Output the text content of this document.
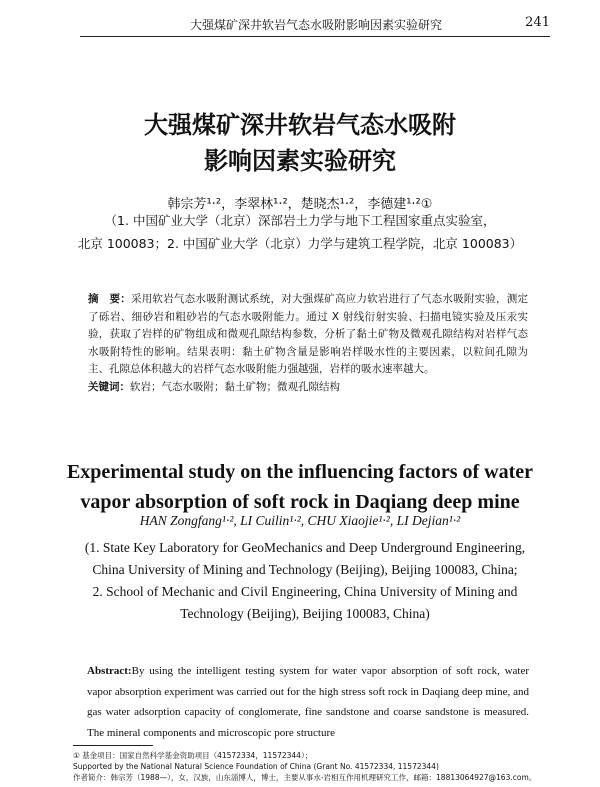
大强煤矿深井软岩气态水吸附影响因素实验研究	241
大强煤矿深井软岩气态水吸附
影响因素实验研究
韩宗芳¹·²，李翠林¹·²，楚晓杰¹·²，李德建¹·²①
（1. 中国矿业大学（北京）深部岩土力学与地下工程国家重点实验室，
北京 100083；2. 中国矿业大学（北京）力学与建筑工程学院，北京 100083）
摘　要：采用软岩气态水吸附测试系统，对大强煤矿高应力软岩进行了气态水吸附实验，测定了砾岩、细砂岩和粗砂岩的气态水吸附能力。通过 X 射线衍射实验、扫描电镜实验及压汞实验，获取了岩样的矿物组成和微观孔隙结构参数，分析了黏土矿物及微观孔隙结构对岩样气态水吸附特性的影响。结果表明：黏土矿物含量是影响岩样吸水性的主要因素，以粒间孔隙为主、孔隙总体积越大的岩样气态水吸附能力强越强，岩样的吸水速率越大。
关键词：软岩；气态水吸附；黏土矿物；微观孔隙结构
Experimental study on the influencing factors of water
vapor absorption of soft rock in Daqiang deep mine
HAN Zongfang¹·², LI Cuilin¹·², CHU Xiaojie¹·², LI Dejian¹·²
(1. State Key Laboratory for GeoMechanics and Deep Underground Engineering,
China University of Mining and Technology (Beijing), Beijing 100083, China;
2. School of Mechanic and Civil Engineering, China University of Mining and
Technology (Beijing), Beijing 100083, China)
Abstract:By using the intelligent testing system for water vapor absorption of soft rock, water vapor absorption experiment was carried out for the high stress soft rock in Daqiang deep mine, and gas water adsorption capacity of conglomerate, fine sandstone and coarse sandstone is measured. The mineral components and microscopic pore structure
① 基金项目：国家自然科学基金资助项目（41572334，11572344）；
Supported by the National Natural Science Foundation of China (Grant No. 41572334, 11572344)
作者简介：韩宗芳（1988—），女，汉族，山东淄博人，博士，主要从事水-岩相互作用机理研究工作，邮箱：18813064927@163.com。
